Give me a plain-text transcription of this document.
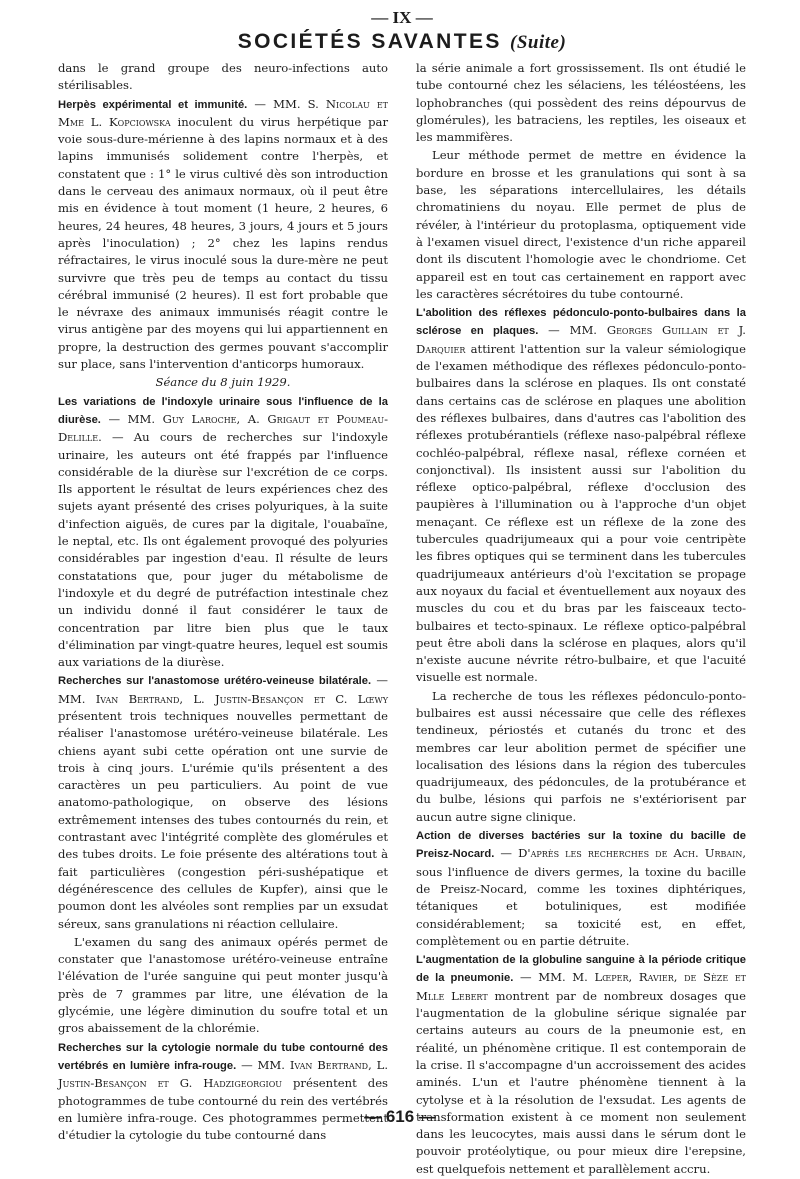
— IX —
SOCIÉTÉS SAVANTES (Suite)

dans le grand groupe des neuro-infections auto stérilisables.

Herpès expérimental et immunité. — MM. S. Nicolau et Mme L. Kopciowska inoculent du virus herpétique par voie sous-dure-mérienne à des lapins normaux et à des lapins immunisés solidement contre l'herpès, et constatent que : 1° le virus cultivé dès son introduction dans le cerveau des animaux normaux, où il peut être mis en évidence à tout moment (1 heure, 2 heures, 6 heures, 24 heures, 48 heures, 3 jours, 4 jours et 5 jours après l'inoculation) ; 2° chez les lapins rendus réfractaires, le virus inoculé sous la dure-mère ne peut survivre que très peu de temps au contact du tissu cérébral immunisé (2 heures). Il est fort probable que le névraxe des animaux immunisés réagit contre le virus antigène par des moyens qui lui appartiennent en propre, la destruction des germes pouvant s'accomplir sur place, sans l'intervention d'anticorps humoraux.

Séance du 8 juin 1929.

Les variations de l'indoxyle urinaire sous l'influence de la diurèse. — MM. Guy Laroche, A. Grigaut et Poumeau-Delille. — Au cours de recherches sur l'indoxyle urinaire, les auteurs ont été frappés par l'influence considérable de la diurèse sur l'excrétion de ce corps. Ils apportent le résultat de leurs expériences chez des sujets ayant présenté des crises polyuriques, à la suite d'infection aiguës, de cures par la digitale, l'ouabaïne, le neptal, etc. Ils ont également provoqué des polyuries considérables par ingestion d'eau. Il résulte de leurs constatations que, pour juger du métabolisme de l'indoxyle et du degré de putréfaction intestinale chez un individu donné il faut considérer le taux de concentration par litre bien plus que le taux d'élimination par vingt-quatre heures, lequel est soumis aux variations de la diurèse.

Recherches sur l'anastomose urétéro-veineuse bilatérale. — MM. Ivan Bertrand, L. Justin-Besançon et C. Lœwy présentent trois techniques nouvelles permettant de réaliser l'anastomose urétéro-veineuse bilatérale. Les chiens ayant subi cette opération ont une survie de trois à cinq jours. L'urémie qu'ils présentent a des caractères un peu particuliers. Au point de vue anatomo-pathologique, on observe des lésions extrêmement intenses des tubes contournés du rein, et contrastant avec l'intégrité complète des glomérules et des tubes droits. Le foie présente des altérations tout à fait particulières (congestion péri-sushépatique et dégénérescence des cellules de Kupfer), ainsi que le poumon dont les alvéoles sont remplies par un exsudat séreux, sans granulations ni réaction cellulaire.

L'examen du sang des animaux opérés permet de constater que l'anastomose urétéro-veineuse entraîne l'élévation de l'urée sanguine qui peut monter jusqu'à près de 7 grammes par litre, une élévation de la glycémie, une légère diminution du soufre total et un gros abaissement de la chlorémie.

Recherches sur la cytologie normale du tube contourné des vertébrés en lumière infra-rouge. — MM. Ivan Bertrand, L. Justin-Besançon et G. Hadzigeorgiou présentent des photogrammes de tube contourné du rein des vertébrés en lumière infra-rouge. Ces photogrammes permettent d'étudier la cytologie du tube contourné dans

la série animale a fort grossissement. Ils ont étudié le tube contourné chez les sélaciens, les téléostéens, les lophobranches (qui possèdent des reins dépourvus de glomérules), les batraciens, les reptiles, les oiseaux et les mammifères.

Leur méthode permet de mettre en évidence la bordure en brosse et les granulations qui sont à sa base, les séparations intercellulaires, les détails chromatiniens du noyau. Elle permet de plus de révéler, à l'intérieur du protoplasma, optiquement vide à l'examen visuel direct, l'existence d'un riche appareil dont ils discutent l'homologie avec le chondriome. Cet appareil est en tout cas certainement en rapport avec les caractères sécrétoires du tube contourné.

L'abolition des réflexes pédonculo-ponto-bulbaires dans la sclérose en plaques. — MM. Georges Guillain et J. Darquier attirent l'attention sur la valeur sémiologique de l'examen méthodique des réflexes pédonculo-ponto-bulbaires dans la sclérose en plaques. Ils ont constaté dans certains cas de sclérose en plaques une abolition des réflexes bulbaires, dans d'autres cas l'abolition des réflexes protubérantiels (réflexe naso-palpébral réflexe cochléo-palpébral, réflexe nasal, réflexe cornéen et conjonctival). Ils insistent aussi sur l'abolition du réflexe optico-palpébral, réflexe d'occlusion des paupières à l'illumination ou à l'approche d'un objet menaçant. Ce réflexe est un réflexe de la zone des tubercules quadrijumeaux qui a pour voie centripète les fibres optiques qui se terminent dans les tubercules quadrijumeaux antérieurs d'où l'excitation se propage aux noyaux du facial et éventuellement aux noyaux des muscles du cou et du bras par les faisceaux tecto-bulbaires et tecto-spinaux. Le réflexe optico-palpébral peut être aboli dans la sclérose en plaques, alors qu'il n'existe aucune névrite rétro-bulbaire, et que l'acuité visuelle est normale.

La recherche de tous les réflexes pédonculo-ponto-bulbaires est aussi nécessaire que celle des réflexes tendineux, périostés et cutanés du tronc et des membres car leur abolition permet de spécifier une localisation des lésions dans la région des tubercules quadrijumeaux, des pédoncules, de la protubérance et du bulbe, lésions qui parfois ne s'extériorisent par aucun autre signe clinique.

Action de diverses bactéries sur la toxine du bacille de Preisz-Nocard. — D'après les recherches de Ach. Urbain, sous l'influence de divers germes, la toxine du bacille de Preisz-Nocard, comme les toxines diphtériques, tétaniques et botuliniques, est modifiée considérablement; sa toxicité est, en effet, complètement ou en partie détruite.

L'augmentation de la globuline sanguine à la période critique de la pneumonie. — MM. M. Lœper, Ravier, de Sèze et Mlle Lebert montrent par de nombreux dosages que l'augmentation de la globuline sérique signalée par certains auteurs au cours de la pneumonie est, en réalité, un phénomène critique. Il est contemporain de la crise. Il s'accompagne d'un accroissement des acides aminés. L'un et l'autre phénomène tiennent à la cytolyse et à la résolution de l'exsudat. Les agents de transformation existent à ce moment non seulement dans les leucocytes, mais aussi dans le sérum dont le pouvoir protéolytique, ou pour mieux dire l'erepsine, est quelquefois nettement et parallèlement accru.

— 616 —
